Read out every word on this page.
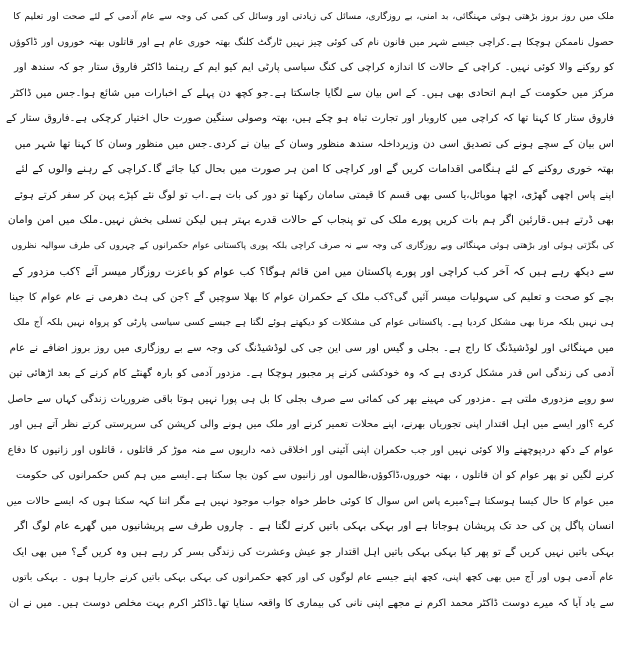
ملک میں روز بروز بڑھتی ہوئی مہنگائی، بد امنی، بے روزگاری، مسائل کی زیادتی اور وسائل کی کمی کی وجہ سے عام آدمی کے لئے صحت اور تعلیم کا
حصول ناممکن ہوچکا ہے۔کراچی جیسے شہر میں قانون نام کی کوئی چیز نہیں ٹارگٹ کلنگ بھتہ خوری عام ہے اور قاتلوں بھتہ خوروں اور ڈاکوؤں
کو روکنے والا کوئی نہیں۔ کراچی کے حالات کا اندازہ کراچی کی کنگ سیاسی پارٹی ایم کیو ایم کے رہنما ڈاکٹر فاروق ستار جو کہ سندھ اور
مرکز میں حکومت کے اہم اتحادی بھی ہیں۔ کے اس بیان سے لگایا جاسکتا ہے۔جو کچھ دن پہلے کے اخبارات میں شائع ہوا۔جس میں ڈاکٹر
فاروق ستار کا کہنا تھا کہ کراچی میں کاروبار اور تجارت تباہ ہو چکے ہیں، بھتہ وصولی سنگین صورت حال اختیار کرچکی ہے۔فاروق ستار کے
اس بیان کے سچے ہونے کی تصدیق اسی دن وزیرداخلہ سندھ منظور وسان کے بیان نے کردی۔جس میں منظور وسان کا کہنا تھا شہر میں
بھتہ خوری روکنے کے لئے ہنگامی اقدامات کریں گے اور کراچی کا امن ہر صورت میں بحال کیا جائے گا۔کراچی کے رہنے والوں کے لئے
اپنے پاس اچھی گھڑی، اچھا موبائل،یا کسی بھی قسم کا قیمتی سامان رکھنا تو دور کی بات ہے۔اب تو لوگ نئے کپڑے پہن کر سفر کرتے ہوئے
بھی ڈرتے ہیں۔قارئین اگر ہم بات کریں پورے ملک کی تو پنجاب کے حالات قدرے بہتر ہیں لیکن تسلی بخش نہیں۔ملک میں امن وامان
کی بگڑتی ہوئی اور بڑھتی ہوئی مہنگائی وبے روزگاری کی وجہ سے نہ صرف کراچی بلکہ پوری پاکستانی عوام حکمرانوں کے چہروں کی طرف سوالیہ نظروں
سے دیکھ رہے ہیں کہ آخر کب کراچی اور پورے پاکستان میں امن قائم ہوگا؟ کب عوام کو باعزت روزگار میسر آئے ؟کب مزدور کے
بچے کو صحت و تعلیم کی سہولیات میسر آئیں گی؟کب ملک کے حکمران عوام کا بھلا سوچیں گے ؟جن کی ہٹ دھرمی نے عام عوام کا جینا
ہی نہیں بلکہ مرنا بھی مشکل کردیا ہے۔ پاکستانی عوام کی مشکلات کو دیکھتے ہوئے لگتا ہے جیسے کسی سیاسی پارٹی کو پرواہ نہیں بلکہ آج ملک
میں مہنگائی اور لوڈشیڈنگ کا راج ہے۔ بجلی و گیس اور سی این جی کی لوڈشیڈنگ کی وجہ سے بے روزگاری میں روز بروز اضافے نے عام
آدمی کی زندگی اس قدر مشکل کردی ہے کہ وہ خودکشی کرنے پر مجبور ہوچکا ہے۔ مزدور آدمی کو بارہ گھنٹے کام کرنے کے بعد اڑھائی تین
سو روپے مزدوری ملتی ہے ۔مزدور کی مہینے بھر کی کمائی سے صرف بجلی کا بل ہی پورا نہیں ہوتا باقی ضروریات زندگی کہاں سے حاصل
کرے ؟اور ایسے میں اہل اقتدار اپنی تجوریاں بھرنے، اپنے محلات تعمیر کرنے اور ملک میں ہونے والی کرپشن کی سرپرستی کرتے نظر آتے ہیں اور
عوام کے دکھ دردپوچھنے والا کوئی نہیں اور جب حکمران اپنی آئینی اور اخلاقی ذمہ داریوں سے منہ موڑ کر قاتلوں ، قاتلوں اور زانیوں کا دفاع
کرنے لگیں تو پھر عوام کو ان قاتلوں ، بھتہ خوروں،ڈاکوؤں،ظالموں اور زانیوں سے کون بچا سکتا ہے۔ایسے میں ہم کس حکمرانوں کی حکومت
میں عوام کا حال کیسا ہوسکتا ہے؟میرے پاس اس سوال کا کوئی خاطر خواہ جواب موجود نہیں ہے مگر اتنا کہہ سکتا ہوں کہ ایسے حالات میں
انسان پاگل پن کی حد تک پریشان ہوجاتا ہے اور بہکی بہکی باتیں کرنے لگتا ہے ۔ چاروں طرف سے پریشانیوں میں گھرے عام لوگ اگر
بہکی باتیں نہیں کریں گے تو پھر کیا بہکی بہکی باتیں اہل اقتدار جو عیش وعشرت کی زندگی بسر کر رہے ہیں وہ کریں گے؟ میں بھی ایک
عام آدمی ہوں اور آج میں بھی کچھ اپنی، کچھ اپنے جیسے عام لوگوں کی اور کچھ حکمرانوں کی بہکی بہکی باتیں کرنے جارہا ہوں ۔ بہکی باتوں
سے یاد آیا کہ میرے دوست ڈاکٹر محمد اکرم نے مجھے اپنی نانی کی بیماری کا واقعہ سنایا تھا۔ڈاکٹر اکرم بہت مخلص دوست ہیں۔ میں نے ان
